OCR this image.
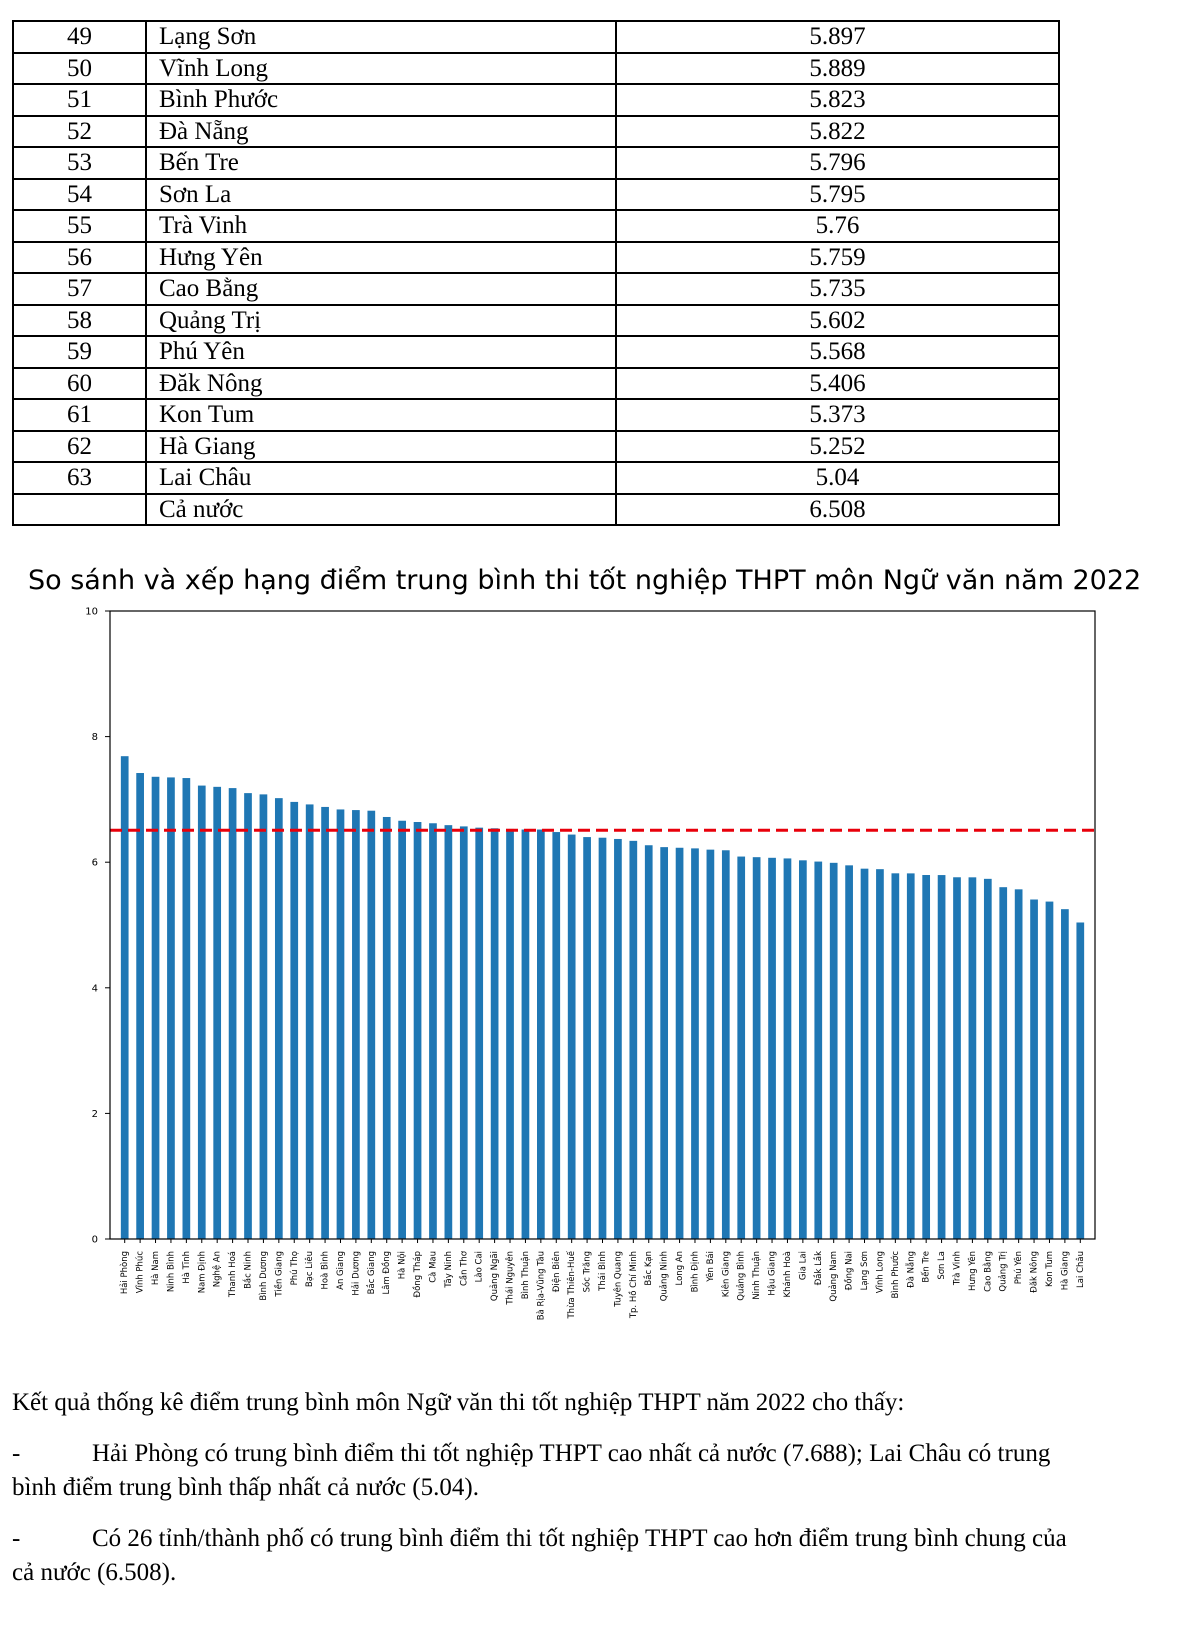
49	Lạng Sơn	5.897
50	Vĩnh Long	5.889
51	Bình Phước	5.823
52	Đà Nẵng	5.822
53	Bến Tre	5.796
54	Sơn La	5.795
55	Trà Vinh	5.76
56	Hưng Yên	5.759
57	Cao Bằng	5.735
58	Quảng Trị	5.602
59	Phú Yên	5.568
60	Đăk Nông	5.406
61	Kon Tum	5.373
62	Hà Giang	5.252
63	Lai Châu	5.04
	Cả nước	6.508
So sánh và xếp hạng điểm trung bình thi tốt nghiệp THPT môn Ngữ văn năm 2022
Hải Phòng Vĩnh Phúc Hà Nam Ninh Bình Hà Tĩnh Nam Định Nghệ An Thanh Hoá Bắc Ninh Bình Dương Tiền Giang Phú Thọ Bạc Liêu Hoà Bình An Giang Hải Dương Bắc Giang Lâm Đồng Hà Nội Đồng Tháp Cà Mau Tây Ninh Cần Thơ Lào Cai Quảng Ngãi Thái Nguyên Bình Thuận Bà Rịa-Vũng Tàu Điện Biên Thừa Thiên-Huế Sóc Trăng Thái Bình Tuyên Quang Tp. Hồ Chí Minh Bắc Kạn Quảng Ninh Long An Bình Định Yên Bái Kiên Giang Quảng Bình Ninh Thuận Hậu Giang Khánh Hoà Gia Lai Đắk Lắk Quảng Nam Đồng Nai Lạng Sơn Vĩnh Long Bình Phước Đà Nẵng Bến Tre Sơn La Trà Vinh Hưng Yên Cao Bằng Quảng Trị Phú Yên Đăk Nông Kon Tum Hà Giang Lai Châu
0
2
4
6
8
10

Kết quả thống kê điểm trung bình môn Ngữ văn thi tốt nghiệp THPT năm 2022 cho thấy:

-	Hải Phòng có trung bình điểm thi tốt nghiệp THPT cao nhất cả nước (7.688); Lai Châu có trung bình điểm trung bình thấp nhất cả nước (5.04).

-	Có 26 tỉnh/thành phố có trung bình điểm thi tốt nghiệp THPT cao hơn điểm trung bình chung của cả nước (6.508).
